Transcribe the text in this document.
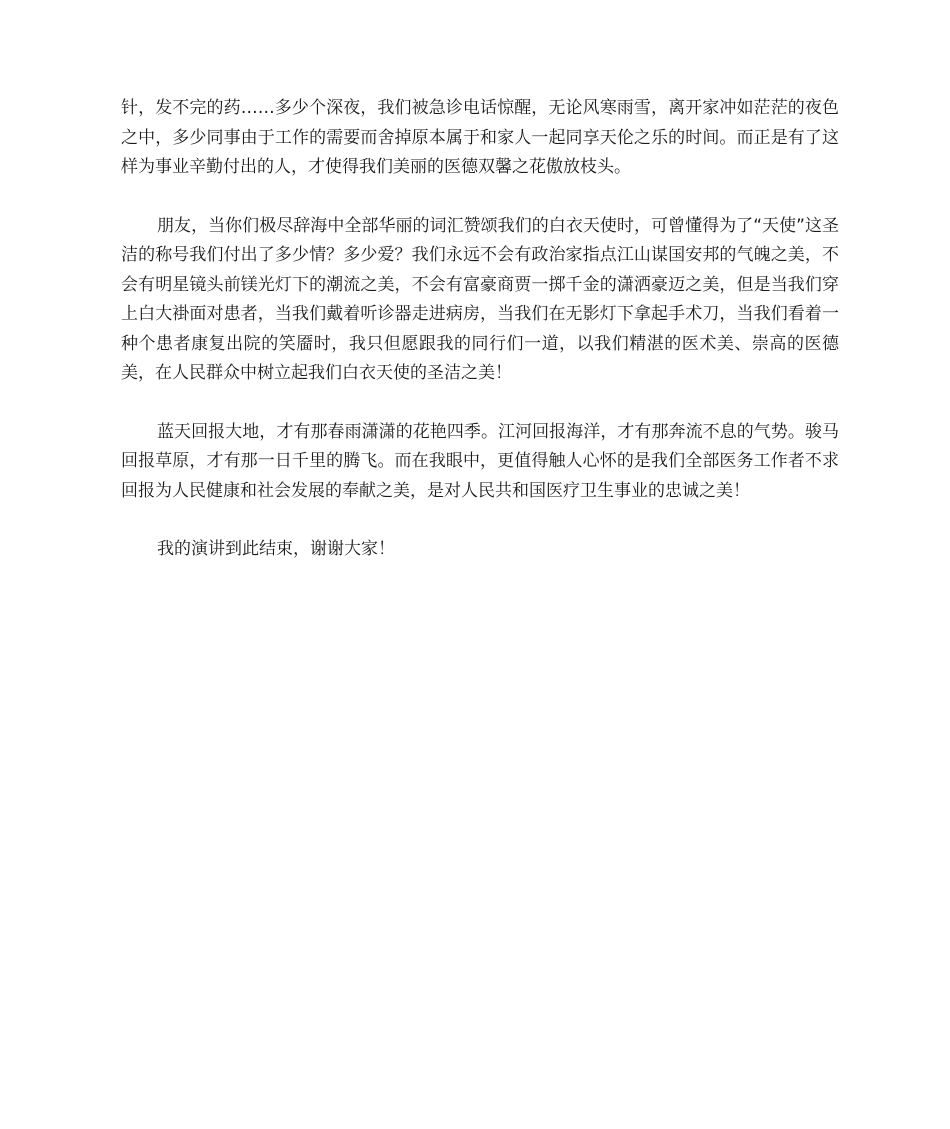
针，发不完的药……多少个深夜，我们被急诊电话惊醒，无论风寒雨雪，离开家冲如茫茫的夜色之中，多少同事由于工作的需要而舍掉原本属于和家人一起同享天伦之乐的时间。而正是有了这样为事业辛勤付出的人，才使得我们美丽的医德双馨之花傲放枝头。

朋友，当你们极尽辞海中全部华丽的词汇赞颂我们的白衣天使时，可曾懂得为了“天使”这圣洁的称号我们付出了多少情？多少爱？我们永远不会有政治家指点江山谋国安邦的气魄之美，不会有明星镜头前镁光灯下的潮流之美，不会有富豪商贾一掷千金的潇洒豪迈之美，但是当我们穿上白大褂面对患者，当我们戴着听诊器走进病房，当我们在无影灯下拿起手术刀，当我们看着一种个患者康复出院的笑靥时，我只但愿跟我的同行们一道，以我们精湛的医术美、崇高的医德美，在人民群众中树立起我们白衣天使的圣洁之美！

蓝天回报大地，才有那春雨潇潇的花艳四季。江河回报海洋，才有那奔流不息的气势。骏马回报草原，才有那一日千里的腾飞。而在我眼中，更值得触人心怀的是我们全部医务工作者不求回报为人民健康和社会发展的奉献之美，是对人民共和国医疗卫生事业的忠诚之美！

我的演讲到此结束，谢谢大家！
